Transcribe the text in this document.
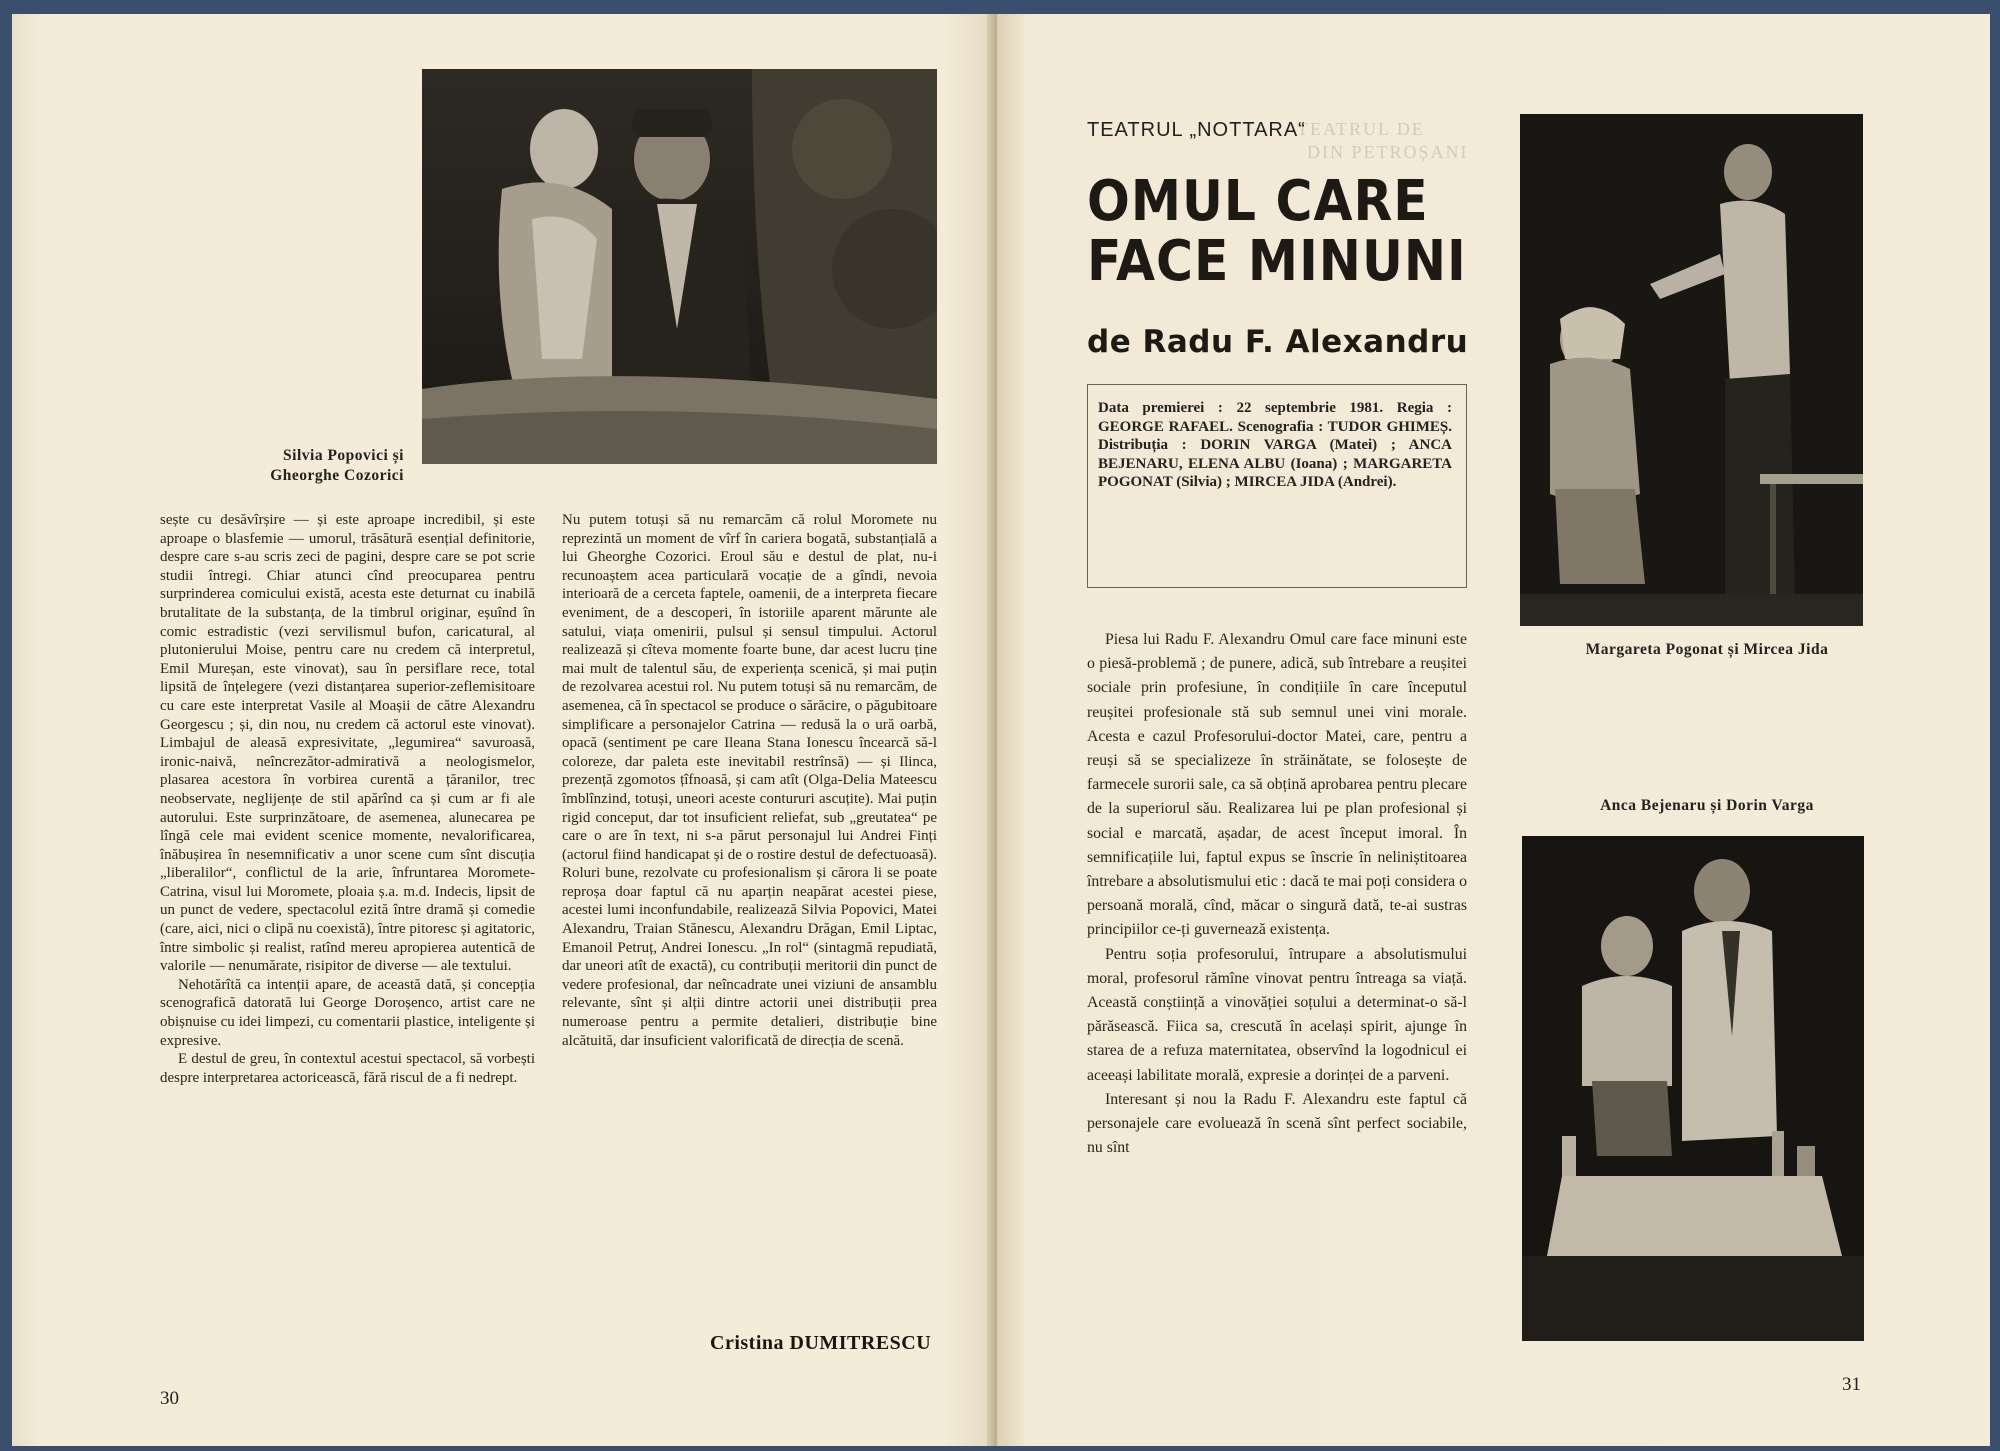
Silvia Popovici și
Gheorghe Cozorici

sește cu desăvîrșire — și este aproape incredibil, și este aproape o blasfemie — umorul, trăsătură esențial definitorie, despre care s-au scris zeci de pagini, despre care se pot scrie studii întregi. Chiar atunci cînd preocuparea pentru surprinderea comicului există, acesta este deturnat cu inabilă brutalitate de la substanța, de la timbrul originar, eșuînd în comic estradistic (vezi servilismul bufon, caricatural, al plutonierului Moise, pentru care nu credem că interpretul, Emil Mureșan, este vinovat), sau în persiflare rece, total lipsită de înțelegere (vezi distanțarea superior-zeflemisitoare cu care este interpretat Vasile al Moașii de către Alexandru Georgescu ; și, din nou, nu credem că actorul este vinovat). Limbajul de aleasă expresivitate, „legumirea“ savuroasă, ironic-naivă, neîncrezător-admirativă a neologismelor, plasarea acestora în vorbirea curentă a țăranilor, trec neobservate, neglijențe de stil apărînd ca și cum ar fi ale autorului. Este surprinzătoare, de asemenea, alunecarea pe lîngă cele mai evident scenice momente, nevalorificarea, înăbușirea în nesemnificativ a unor scene cum sînt discuția „liberalilor“, conflictul de la arie, înfruntarea Moromete-Catrina, visul lui Moromete, ploaia ș.a. m.d. Indecis, lipsit de un punct de vedere, spectacolul ezită între dramă și comedie (care, aici, nici o clipă nu coexistă), între pitoresc și agitatoric, între simbolic și realist, ratînd mereu apropierea autentică de valorile — nenumărate, risipitor de diverse — ale textului.

Nehotărîtă ca intenții apare, de această dată, și concepția scenografică datorată lui George Doroșenco, artist care ne obișnuise cu idei limpezi, cu comentarii plastice, inteligente și expresive.

E destul de greu, în contextul acestui spectacol, să vorbești despre interpretarea actoricească, fără riscul de a fi nedrept.

Nu putem totuși să nu remarcăm că rolul Moromete nu reprezintă un moment de vîrf în cariera bogată, substanțială a lui Gheorghe Cozorici. Eroul său e destul de plat, nu-i recunoaștem acea particulară vocație de a gîndi, nevoia interioară de a cerceta faptele, oamenii, de a interpreta fiecare eveniment, de a descoperi, în istoriile aparent mărunte ale satului, viața omenirii, pulsul și sensul timpului. Actorul realizează și cîteva momente foarte bune, dar acest lucru ține mai mult de talentul său, de experiența scenică, și mai puțin de rezolvarea acestui rol. Nu putem totuși să nu remarcăm, de asemenea, că în spectacol se produce o sărăcire, o păgubitoare simplificare a personajelor Catrina — redusă la o ură oarbă, opacă (sentiment pe care Ileana Stana Ionescu încearcă să-l coloreze, dar paleta este inevitabil restrînsă) — și Ilinca, prezență zgomotos țîfnoasă, și cam atît (Olga-Delia Mateescu îmblînzind, totuși, uneori aceste contururi ascuțite). Mai puțin rigid conceput, dar tot insuficient reliefat, sub „greutatea“ pe care o are în text, ni s-a părut personajul lui Andrei Finți (actorul fiind handicapat și de o rostire destul de defectuoasă). Roluri bune, rezolvate cu profesionalism și cărora li se poate reproșa doar faptul că nu aparțin neapărat acestei piese, acestei lumi inconfundabile, realizează Silvia Popovici, Matei Alexandru, Traian Stănescu, Alexandru Drăgan, Emil Liptac, Emanoil Petruț, Andrei Ionescu. „In rol“ (sintagmă repudiată, dar uneori atît de exactă), cu contribuții meritorii din punct de vedere profesional, dar neîncadrate unei viziuni de ansamblu relevante, sînt și alții dintre actorii unei distribuții prea numeroase pentru a permite detalieri, distribuție bine alcătuită, dar insuficient valorificată de direcția de scenă.

Cristina DUMITRESCU
30
TEATRUL DE
DIN PETROȘANI
TEATRUL „NOTTARA“
OMUL CARE
FACE MINUNI
de Radu F. Alexandru
Data premierei : 22 septembrie 1981. Regia : GEORGE RAFAEL. Scenografia : TUDOR GHIMEȘ. Distribuția : DORIN VARGA (Matei) ; ANCA BEJENARU, ELENA ALBU (Ioana) ; MARGARETA POGONAT (Silvia) ; MIRCEA JIDA (Andrei).
Margareta Pogonat și Mircea Jida
Anca Bejenaru și Dorin Varga

Piesa lui Radu F. Alexandru Omul care face minuni este o piesă-problemă ; de punere, adică, sub întrebare a reușitei sociale prin profesiune, în condițiile în care începutul reușitei profesionale stă sub semnul unei vini morale. Acesta e cazul Profesorului-doctor Matei, care, pentru a reuși să se specializeze în străinătate, se folosește de farmecele surorii sale, ca să obțină aprobarea pentru plecare de la superiorul său. Realizarea lui pe plan profesional și social e marcată, așadar, de acest început imoral. În semnificațiile lui, faptul expus se înscrie în neliniștitoarea întrebare a absolutismului etic : dacă te mai poți considera o persoană morală, cînd, măcar o singură dată, te-ai sustras principiilor ce-ți guvernează existența.

Pentru soția profesorului, întrupare a absolutismului moral, profesorul rămîne vinovat pentru întreaga sa viață. Această conștiință a vinovăției soțului a determinat-o să-l părăsească. Fiica sa, crescută în același spirit, ajunge în starea de a refuza maternitatea, observînd la logodnicul ei aceeași labilitate morală, expresie a dorinței de a parveni.

Interesant și nou la Radu F. Alexandru este faptul că personajele care evoluează în scenă sînt perfect sociabile, nu sînt

31
